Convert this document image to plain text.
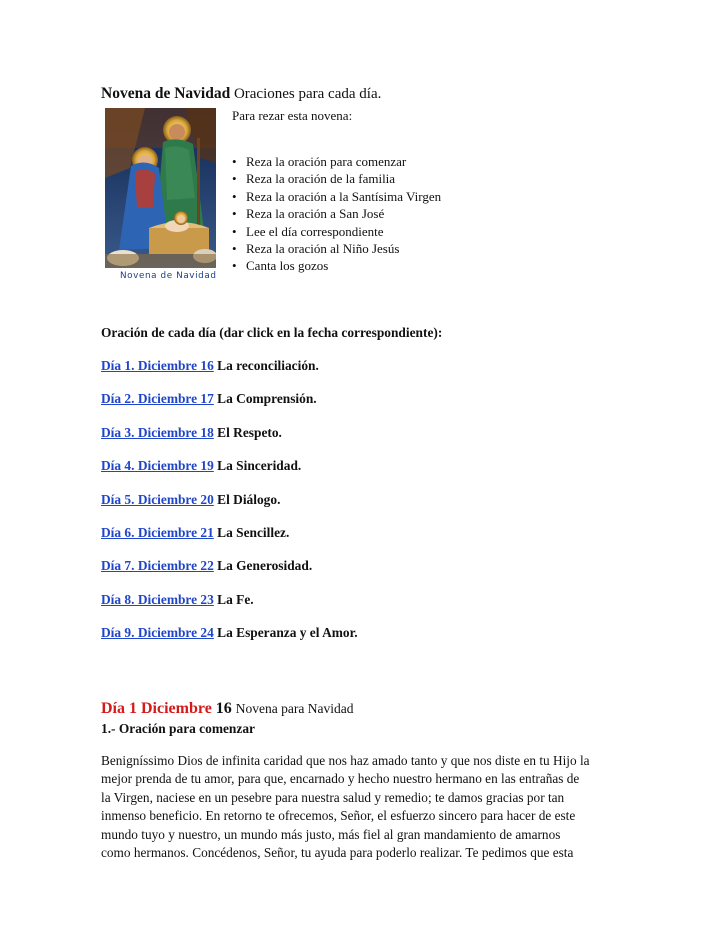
Novena de Navidad Oraciones para cada día.
Novena de Navidad
Para rezar esta novena:
• Reza la oración para comenzar
• Reza la oración de la familia
• Reza la oración a la Santísima Virgen
• Reza la oración a San José
• Lee el día correspondiente
• Reza la oración al Niño Jesús
• Canta los gozos
Oración de cada día (dar click en la fecha correspondiente):
Día 1. Diciembre 16 La reconciliación.
Día 2. Diciembre 17 La Comprensión.
Día 3. Diciembre 18 El Respeto.
Día 4. Diciembre 19 La Sinceridad.
Día 5. Diciembre 20 El Diálogo.
Día 6. Diciembre 21 La Sencillez.
Día 7. Diciembre 22 La Generosidad.
Día 8. Diciembre 23 La Fe.
Día 9. Diciembre 24 La Esperanza y el Amor.
Día 1 Diciembre 16 Novena para Navidad
1.- Oración para comenzar
Benigníssimo Dios de infinita caridad que nos haz amado tanto y que nos diste en tu Hijo la
mejor prenda de tu amor, para que, encarnado y hecho nuestro hermano en las entrañas de
la Virgen, naciese en un pesebre para nuestra salud y remedio; te damos gracias por tan
inmenso beneficio. En retorno te ofrecemos, Señor, el esfuerzo sincero para hacer de este
mundo tuyo y nuestro, un mundo más justo, más fiel al gran mandamiento de amarnos
como hermanos. Concédenos, Señor, tu ayuda para poderlo realizar. Te pedimos que esta
